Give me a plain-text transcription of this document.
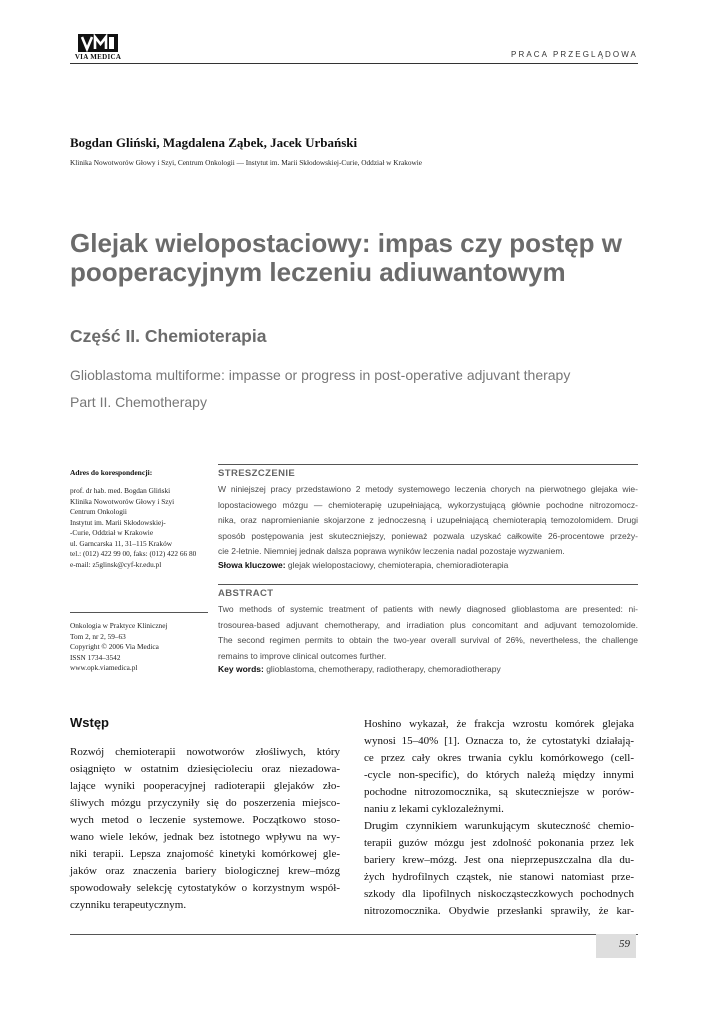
VIA MEDICA	PRACA PRZEGLĄDOWA
Bogdan Gliński, Magdalena Ząbek, Jacek Urbański
Klinika Nowotworów Głowy i Szyi, Centrum Onkologii — Instytut im. Marii Skłodowskiej-Curie, Oddział w Krakowie
Glejak wielopostaciowy: impas czy postęp w pooperacyjnym leczeniu adiuwantowym
Część II. Chemioterapia
Glioblastoma multiforme: impasse or progress in post-operative adjuvant therapy
Part II. Chemotherapy
Adres do korespondencji:
prof. dr hab. med. Bogdan Gliński
Klinika Nowotworów Głowy i Szyi
Centrum Onkologii
Instytut im. Marii Skłodowskiej-
-Curie, Oddział w Krakowie
ul. Garncarska 11, 31–115 Kraków
tel.: (012) 422 99 00, faks: (012) 422 66 80
e-mail: z5glinsk@cyf-kr.edu.pl
Onkologia w Praktyce Klinicznej
Tom 2, nr 2, 59–63
Copyright © 2006 Via Medica
ISSN 1734–3542
www.opk.viamedica.pl
STRESZCZENIE
W niniejszej pracy przedstawiono 2 metody systemowego leczenia chorych na pierwotnego glejaka wie-
lopostaciowego mózgu — chemioterapię uzupełniającą, wykorzystującą głównie pochodne nitrozomocz-
nika, oraz napromienianie skojarzone z jednoczesną i uzupełniającą chemioterapią temozolomidem. Drugi
sposób postępowania jest skuteczniejszy, ponieważ pozwala uzyskać całkowite 26-procentowe przeży-
cie 2-letnie. Niemniej jednak dalsza poprawa wyników leczenia nadal pozostaje wyzwaniem.
Słowa kluczowe: glejak wielopostaciowy, chemioterapia, chemioradioterapia
ABSTRACT
Two methods of systemic treatment of patients with newly diagnosed glioblastoma are presented: ni-
trosourea-based adjuvant chemotherapy, and irradiation plus concomitant and adjuvant temozolomide.
The second regimen permits to obtain the two-year overall survival of 26%, nevertheless, the challenge
remains to improve clinical outcomes further.
Key words: glioblastoma, chemotherapy, radiotherapy, chemoradiotherapy
Wstęp
Rozwój chemioterapii nowotworów złośliwych, który
osiągnięto w ostatnim dziesięcioleciu oraz niezadowa-
lające wyniki pooperacyjnej radioterapii glejaków zło-
śliwych mózgu przyczyniły się do poszerzenia miejsco-
wych metod o leczenie systemowe. Początkowo stoso-
wano wiele leków, jednak bez istotnego wpływu na wy-
niki terapii. Lepsza znajomość kinetyki komórkowej gle-
jaków oraz znaczenia bariery biologicznej krew–mózg
spowodowały selekcję cytostatyków o korzystnym współ-
czynniku terapeutycznym.
Hoshino wykazał, że frakcja wzrostu komórek glejaka
wynosi 15–40% [1]. Oznacza to, że cytostatyki działają-
ce przez cały okres trwania cyklu komórkowego (cell-
-cycle non-specific), do których należą między innymi
pochodne nitrozomocznika, są skuteczniejsze w porów-
naniu z lekami cyklozależnymi.
Drugim czynnikiem warunkującym skuteczność chemio-
terapii guzów mózgu jest zdolność pokonania przez lek
bariery krew–mózg. Jest ona nieprzepuszczalna dla du-
żych hydrofilnych cząstek, nie stanowi natomiast prze-
szkody dla lipofilnych niskocząsteczkowych pochodnych
nitrozomocznika. Obydwie przesłanki sprawiły, że kar-
59
